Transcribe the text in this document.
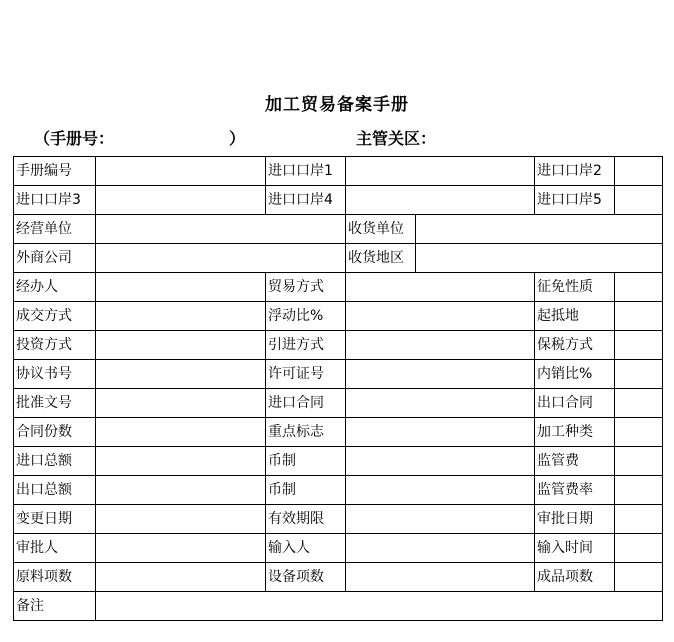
加工贸易备案手册
（手册号：	）	主管关区：
手册编号		进口口岸1			进口口岸2	
进口口岸3		进口口岸4			进口口岸5	
经营单位			收货单位			
外商公司			收货地区			
经办人		贸易方式			征免性质	
成交方式		浮动比%			起抵地	
投资方式		引进方式			保税方式	
协议书号		许可证号			内销比%	
批准文号		进口合同			出口合同	
合同份数		重点标志			加工种类	
进口总额		币制			监管费	
出口总额		币制			监管费率	
变更日期		有效期限			审批日期	
审批人		输入人			输入时间	
原料项数		设备项数			成品项数	
备注						
